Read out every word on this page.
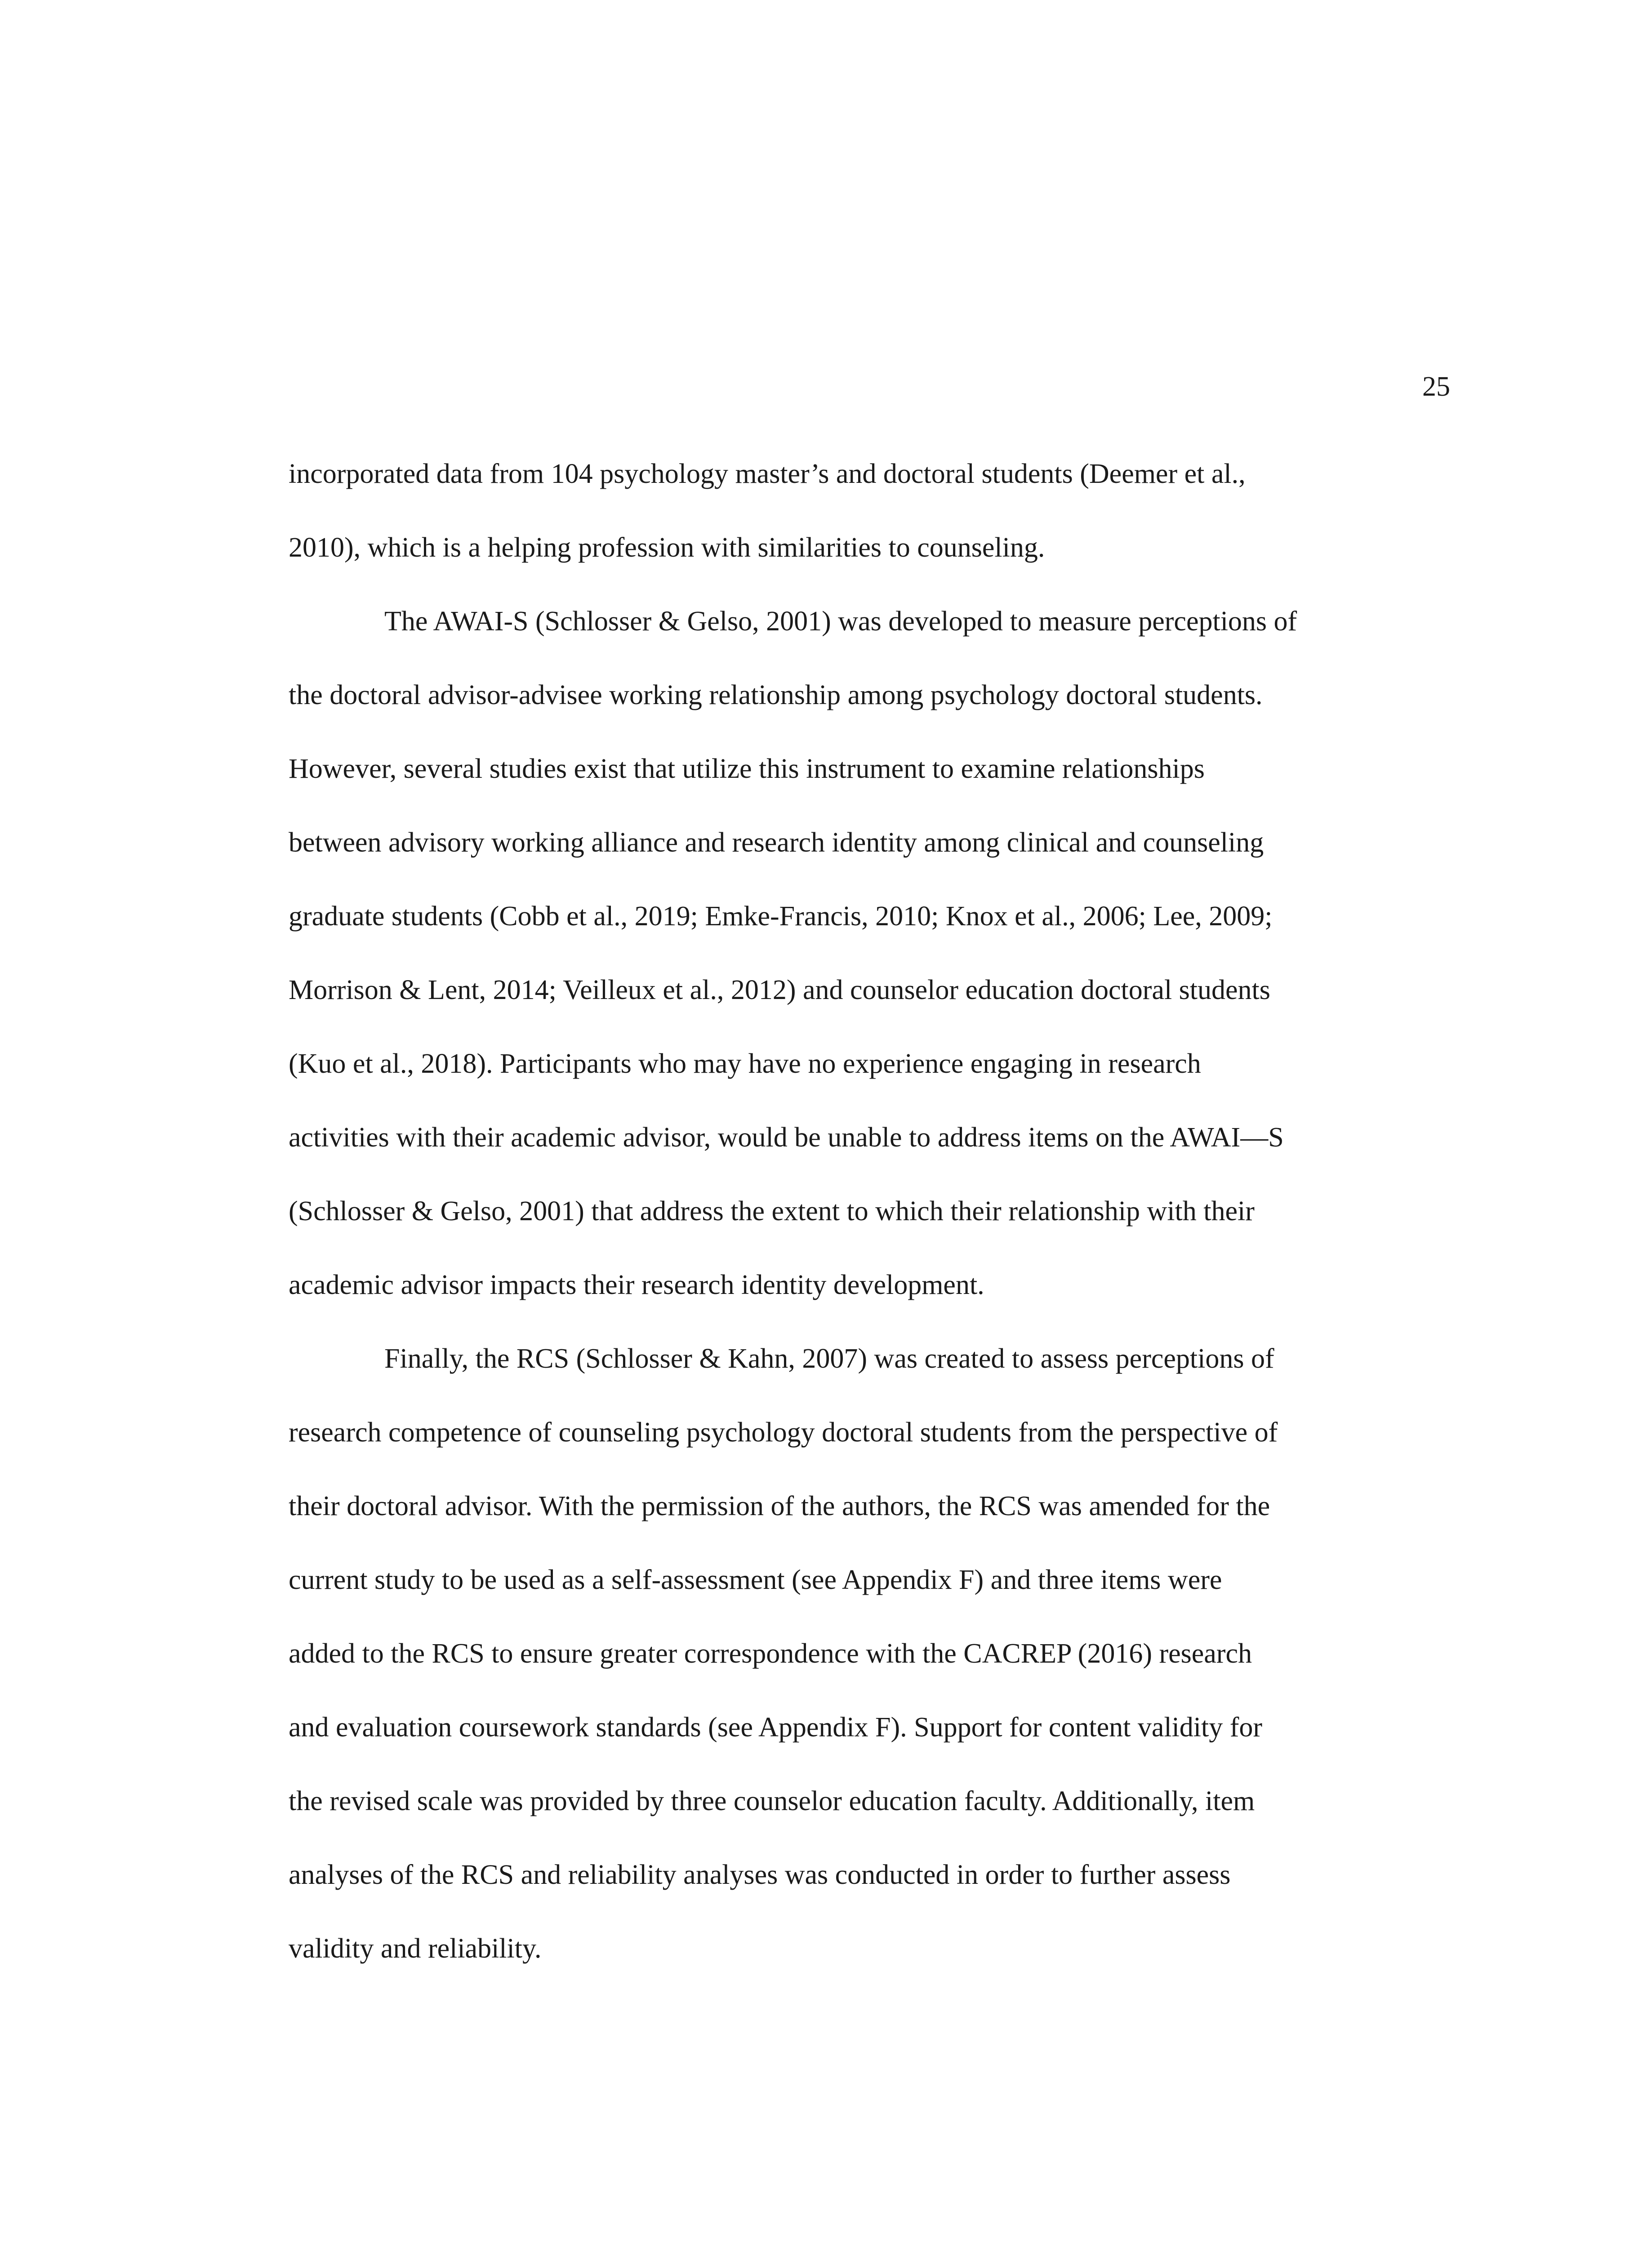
25
incorporated data from 104 psychology master’s and doctoral students (Deemer et al.,
2010), which is a helping profession with similarities to counseling.
The AWAI-S (Schlosser & Gelso, 2001) was developed to measure perceptions of
the doctoral advisor-advisee working relationship among psychology doctoral students.
However, several studies exist that utilize this instrument to examine relationships
between advisory working alliance and research identity among clinical and counseling
graduate students (Cobb et al., 2019; Emke-Francis, 2010; Knox et al., 2006; Lee, 2009;
Morrison & Lent, 2014; Veilleux et al., 2012) and counselor education doctoral students
(Kuo et al., 2018). Participants who may have no experience engaging in research
activities with their academic advisor, would be unable to address items on the AWAI—S
(Schlosser & Gelso, 2001) that address the extent to which their relationship with their
academic advisor impacts their research identity development.
Finally, the RCS (Schlosser & Kahn, 2007) was created to assess perceptions of
research competence of counseling psychology doctoral students from the perspective of
their doctoral advisor. With the permission of the authors, the RCS was amended for the
current study to be used as a self-assessment (see Appendix F) and three items were
added to the RCS to ensure greater correspondence with the CACREP (2016) research
and evaluation coursework standards (see Appendix F). Support for content validity for
the revised scale was provided by three counselor education faculty. Additionally, item
analyses of the RCS and reliability analyses was conducted in order to further assess
validity and reliability.
